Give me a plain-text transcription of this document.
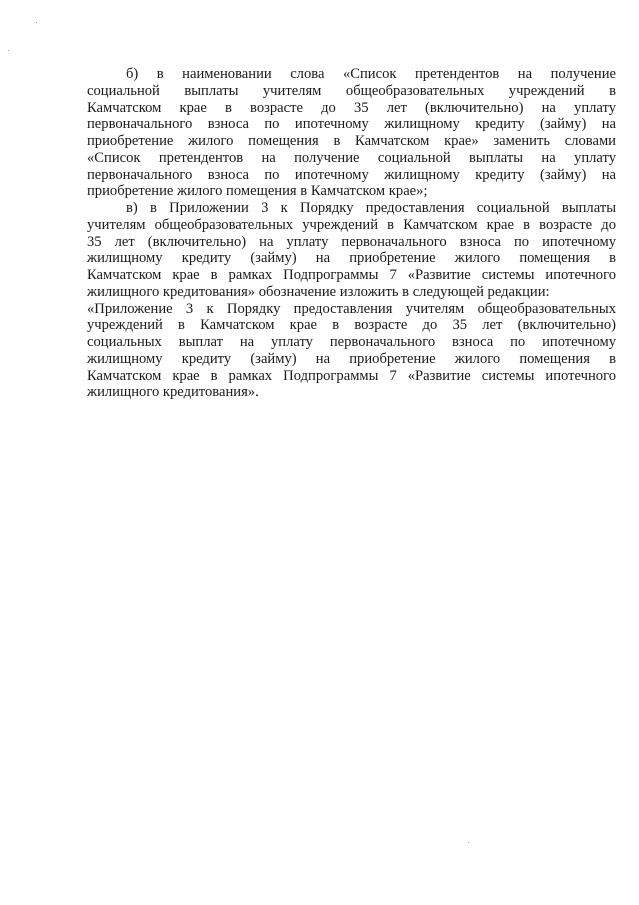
б) в наименовании слова «Список претендентов на получение
социальной выплаты учителям общеобразовательных учреждений в
Камчатском крае в возрасте до 35 лет (включительно) на уплату
первоначального взноса по ипотечному жилищному кредиту (займу) на
приобретение жилого помещения в Камчатском крае» заменить словами
«Список претендентов на получение социальной выплаты на уплату
первоначального взноса по ипотечному жилищному кредиту (займу) на
приобретение жилого помещения в Камчатском крае»;
в) в Приложении 3 к Порядку предоставления социальной выплаты
учителям общеобразовательных учреждений в Камчатском крае в возрасте до
35 лет (включительно) на уплату первоначального взноса по ипотечному
жилищному кредиту (займу) на приобретение жилого помещения в
Камчатском крае в рамках Подпрограммы 7 «Развитие системы ипотечного
жилищного кредитования» обозначение изложить в следующей редакции:
«Приложение 3 к Порядку предоставления учителям общеобразовательных
учреждений в Камчатском крае в возрасте до 35 лет (включительно)
социальных выплат на уплату первоначального взноса по ипотечному
жилищному кредиту (займу) на приобретение жилого помещения в
Камчатском крае в рамках Подпрограммы 7 «Развитие системы ипотечного
жилищного кредитования».
